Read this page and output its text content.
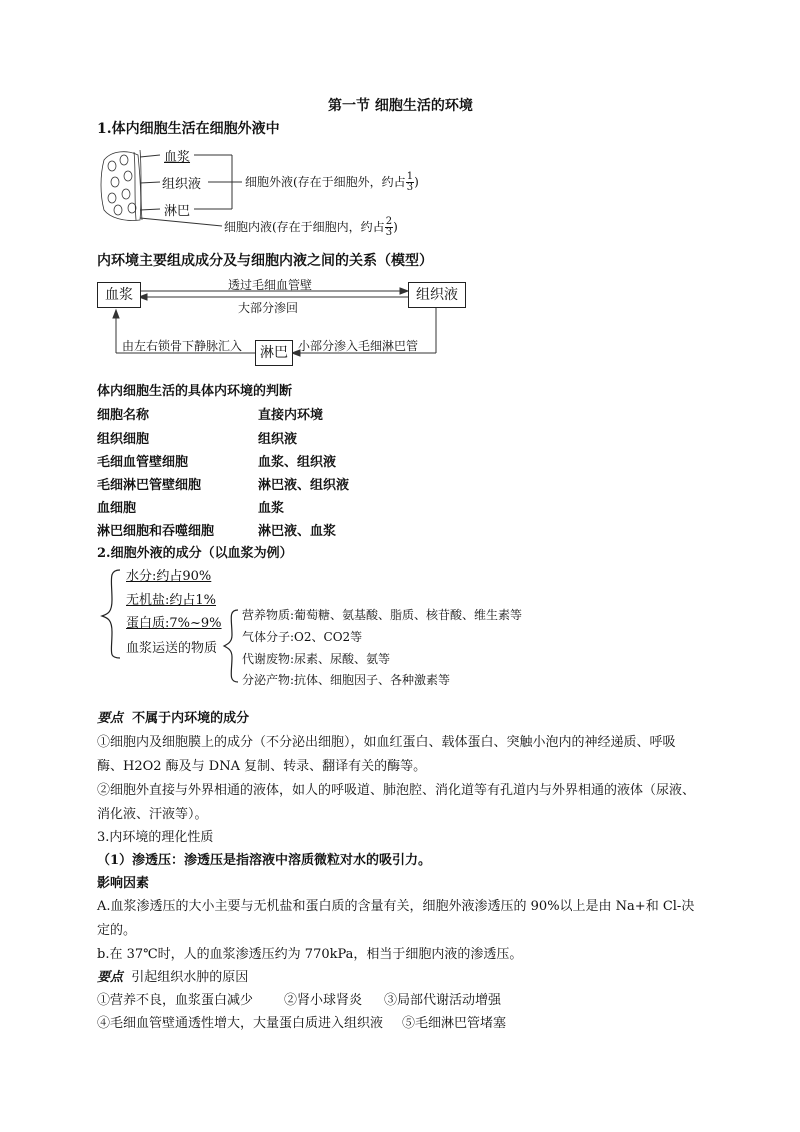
第一节 细胞生活的环境
1.体内细胞生活在细胞外液中
血浆
组织液
淋巴
细胞外液(存在于细胞外，约占 $\frac{1}{3}$ )
细胞内液(存在于细胞内，约占 $\frac{2}{3}$ )
内环境主要组成成分及与细胞内液之间的关系（模型）
血浆	组织液
淋巴
透过毛细血管壁
大部分渗回
由左右锁骨下静脉汇入	小部分渗入毛细淋巴管
体内细胞生活的具体内环境的判断
细胞名称	直接内环境
组织细胞	组织液
毛细血管壁细胞	血浆、组织液
毛细淋巴管壁细胞	淋巴液、组织液
血细胞	血浆
淋巴细胞和吞噬细胞	淋巴液、血浆
2.细胞外液的成分（以血浆为例）
水分:约占90%
无机盐:约占1%
蛋白质:7%~9%
血浆运送的物质
营养物质:葡萄糖、氨基酸、脂质、核苷酸、维生素等
气体分子:O2、CO2等
代谢废物:尿素、尿酸、氨等
分泌产物:抗体、细胞因子、各种激素等
要点  不属于内环境的成分
①细胞内及细胞膜上的成分（不分泌出细胞），如血红蛋白、载体蛋白、突触小泡内的神经递质、呼吸
酶、H2O2 酶及与 DNA 复制、转录、翻译有关的酶等。
②细胞外直接与外界相通的液体，如人的呼吸道、肺泡腔、消化道等有孔道内与外界相通的液体（尿液、
消化液、汗液等）。
3.内环境的理化性质
（1）渗透压：渗透压是指溶液中溶质微粒对水的吸引力。
影响因素
A.血浆渗透压的大小主要与无机盐和蛋白质的含量有关，细胞外液渗透压的 90%以上是由 Na+和 Cl-决
定的。
b.在 37℃时，人的血浆渗透压约为 770kPa，相当于细胞内液的渗透压。
要点  引起组织水肿的原因
①营养不良，血浆蛋白减少 ②肾小球肾炎 ③局部代谢活动增强
④毛细血管壁通透性增大，大量蛋白质进入组织液 ⑤毛细淋巴管堵塞
